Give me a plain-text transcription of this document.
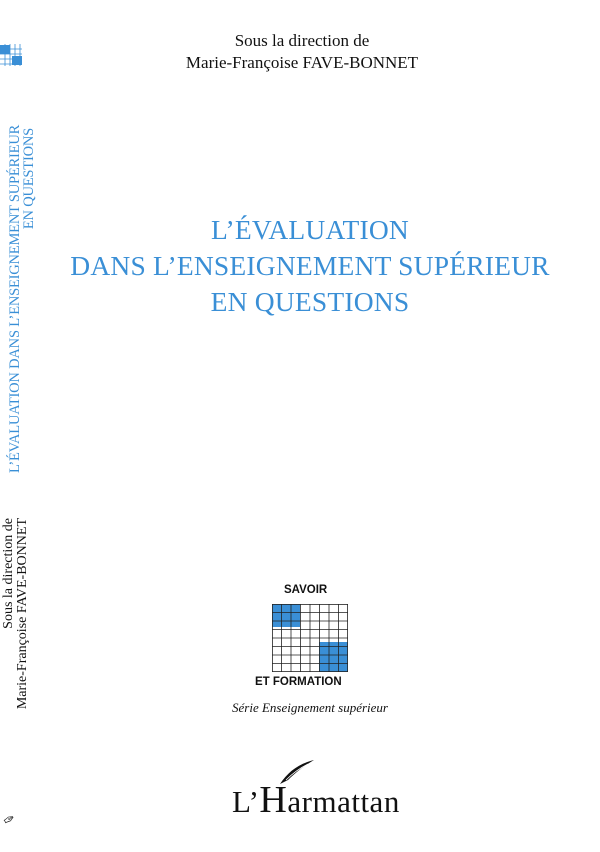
L’ÉVALUATION DANS L’ENSEIGNEMENT SUPÉRIEUR
EN QUESTIONS
Sous la direction de Marie-Françoise FAVE-BONNET
✑
Sous la direction de
Marie-Françoise FAVE-BONNET
L’ÉVALUATION
DANS L’ENSEIGNEMENT SUPÉRIEUR
EN QUESTIONS
SAVOIR
ET FORMATION
Série Enseignement supérieur
L’Harmattan
